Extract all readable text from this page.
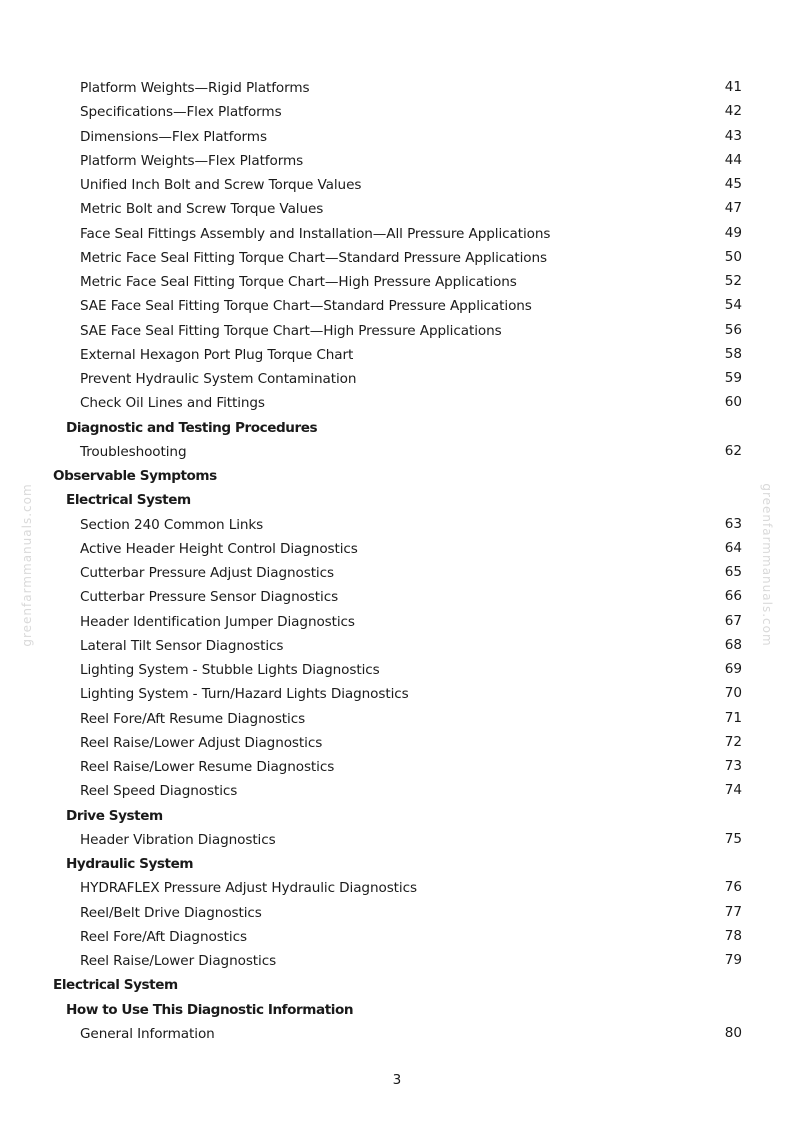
Platform Weights—Rigid Platforms	41
Specifications—Flex Platforms	42
Dimensions—Flex Platforms	43
Platform Weights—Flex Platforms	44
Unified Inch Bolt and Screw Torque Values	45
Metric Bolt and Screw Torque Values	47
Face Seal Fittings Assembly and Installation—All Pressure Applications	49
Metric Face Seal Fitting Torque Chart—Standard Pressure Applications	50
Metric Face Seal Fitting Torque Chart—High Pressure Applications	52
SAE Face Seal Fitting Torque Chart—Standard Pressure Applications	54
SAE Face Seal Fitting Torque Chart—High Pressure Applications	56
External Hexagon Port Plug Torque Chart	58
Prevent Hydraulic System Contamination	59
Check Oil Lines and Fittings	60
Diagnostic and Testing Procedures
Troubleshooting	62
Observable Symptoms
Electrical System
Section 240 Common Links	63
Active Header Height Control Diagnostics	64
Cutterbar Pressure Adjust Diagnostics	65
Cutterbar Pressure Sensor Diagnostics	66
Header Identification Jumper Diagnostics	67
Lateral Tilt Sensor Diagnostics	68
Lighting System - Stubble Lights Diagnostics	69
Lighting System - Turn/Hazard Lights Diagnostics	70
Reel Fore/Aft Resume Diagnostics	71
Reel Raise/Lower Adjust Diagnostics	72
Reel Raise/Lower Resume Diagnostics	73
Reel Speed Diagnostics	74
Drive System
Header Vibration Diagnostics	75
Hydraulic System
HYDRAFLEX Pressure Adjust Hydraulic Diagnostics	76
Reel/Belt Drive Diagnostics	77
Reel Fore/Aft Diagnostics	78
Reel Raise/Lower Diagnostics	79
Electrical System
How to Use This Diagnostic Information
General Information	80
3
greenfarmmanuals.com	greenfarmmanuals.com
